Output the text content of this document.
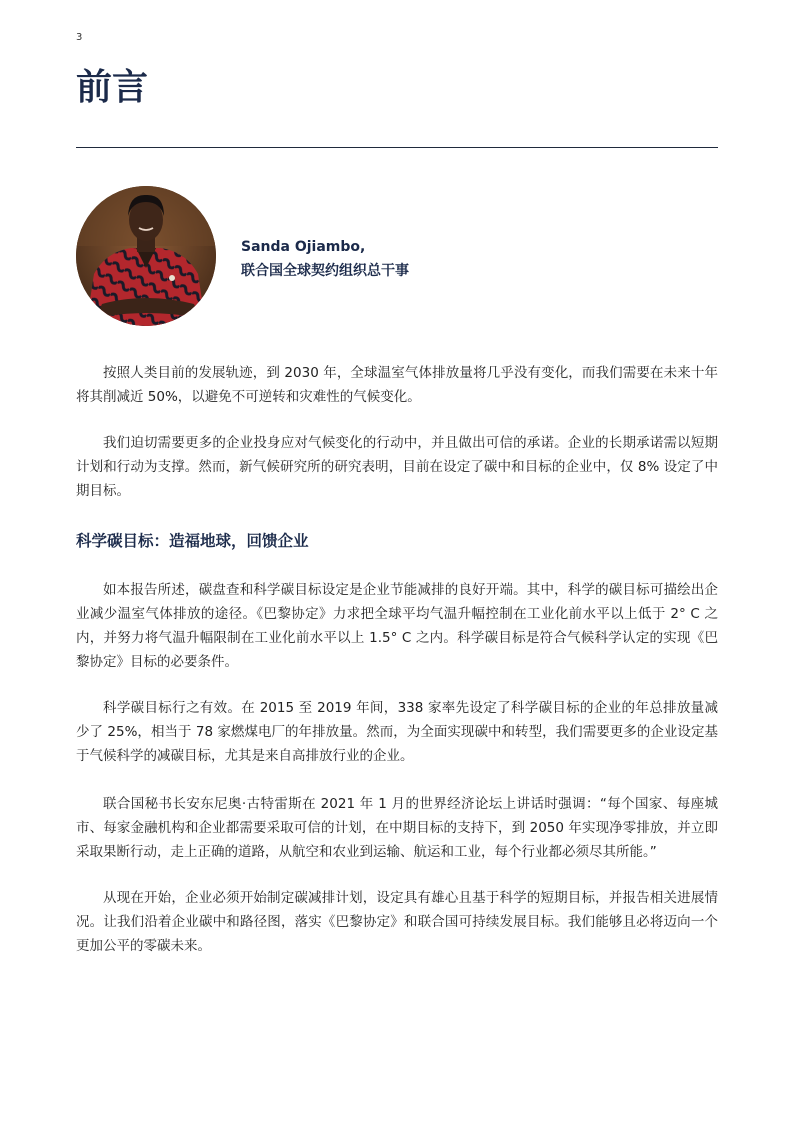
3
前言
Sanda Ojiambo,
联合国全球契约组织总干事

按照人类目前的发展轨迹，到 2030 年，全球温室气体排放量将几乎没有变化，而我们需要在未来十年将其削减近 50%，以避免不可逆转和灾难性的气候变化。

我们迫切需要更多的企业投身应对气候变化的行动中，并且做出可信的承诺。企业的长期承诺需以短期计划和行动为支撑。然而，新气候研究所的研究表明，目前在设定了碳中和目标的企业中，仅 8% 设定了中期目标。

科学碳目标：造福地球，回馈企业

如本报告所述，碳盘查和科学碳目标设定是企业节能减排的良好开端。其中，科学的碳目标可描绘出企业减少温室气体排放的途径。《巴黎协定》力求把全球平均气温升幅控制在工业化前水平以上低于 2° C 之内，并努力将气温升幅限制在工业化前水平以上 1.5° C 之内。科学碳目标是符合气候科学认定的实现《巴黎协定》目标的必要条件。

科学碳目标行之有效。在 2015 至 2019 年间，338 家率先设定了科学碳目标的企业的年总排放量减少了 25%，相当于 78 家燃煤电厂的年排放量。然而，为全面实现碳中和转型，我们需要更多的企业设定基于气候科学的减碳目标，尤其是来自高排放行业的企业。

联合国秘书长安东尼奥·古特雷斯在 2021 年 1 月的世界经济论坛上讲话时强调：“每个国家、每座城市、每家金融机构和企业都需要采取可信的计划，在中期目标的支持下，到 2050 年实现净零排放，并立即采取果断行动，走上正确的道路，从航空和农业到运输、航运和工业，每个行业都必须尽其所能。”

从现在开始，企业必须开始制定碳减排计划，设定具有雄心且基于科学的短期目标，并报告相关进展情况。让我们沿着企业碳中和路径图，落实《巴黎协定》和联合国可持续发展目标。我们能够且必将迈向一个更加公平的零碳未来。
